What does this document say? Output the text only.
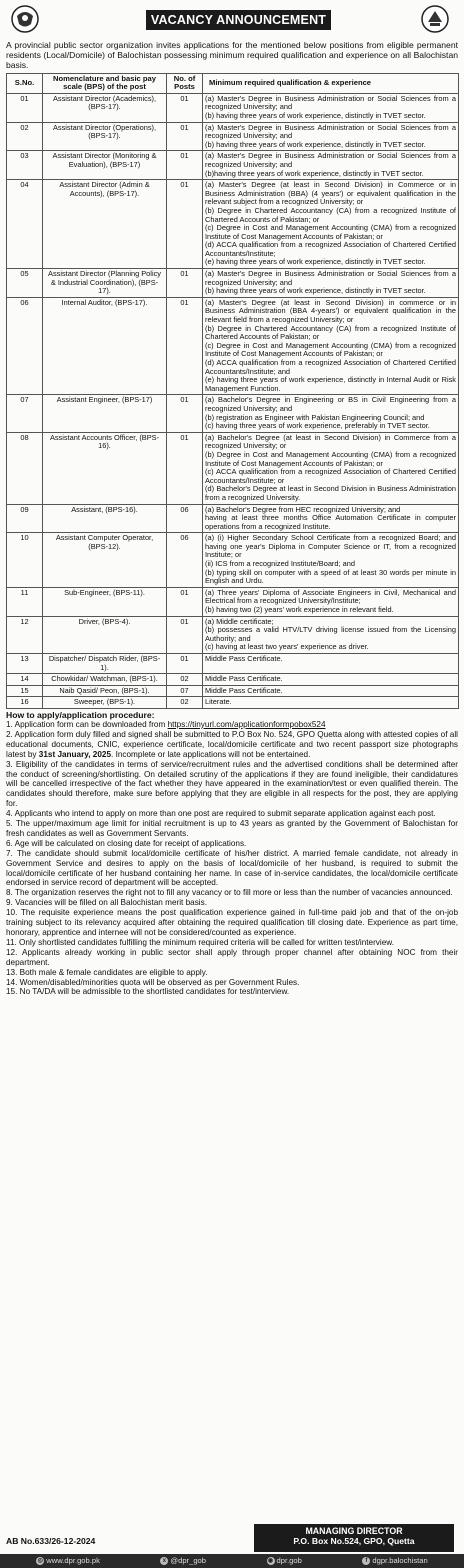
VACANCY ANNOUNCEMENT
A provincial public sector organization invites applications for the mentioned below positions from eligible permanent residents (Local/Domicile) of Balochistan possessing minimum required qualification and experience on all Balochistan basis.
S.No.	Nomenclature and basic pay scale (BPS) of the post	No. of Posts	Minimum required qualification & experience
01	Assistant Director (Academics), (BPS-17).	01	(a) Master's Degree in Business Administration or Social Sciences from a recognized University; and
(b) having three years of work experience, distinctly in TVET sector.

02	Assistant Director (Operations), (BPS-17).	01	(a) Master's Degree in Business Administration or Social Sciences from a recognized University; and
(b) having three years of work experience, distinctly in TVET sector.

03	Assistant Director (Monitoring & Evaluation), (BPS-17)	01	(a) Master's Degree in Business Administration or Social Sciences from a recognized University; and
(b)having three years of work experience, distinctly in TVET sector.

04	Assistant Director (Admin & Accounts), (BPS-17).	01	(a) Master's Degree (at least in Second Division) in Commerce or in Business Administration (BBA) (4 years') or equivalent qualification in the relevant subject from a recognized University; or
(b) Degree in Chartered Accountancy (CA) from a recognized Institute of Chartered Accounts of Pakistan; or
(c) Degree in Cost and Management Accounting (CMA) from a recognized Institute of Cost Management Accounts of Pakistan; or
(d) ACCA qualification from a recognized Association of Chartered Certified Accountants/Institute;
(e) having three years of work experience, distinctly in TVET sector.

05	Assistant Director (Planning Policy & Industrial Coordination), (BPS-17).	01	(a) Master's Degree in Business Administration or Social Sciences from a recognized University; and
(b) having three years of work experience, distinctly in TVET sector.

06	Internal Auditor, (BPS-17).	01	(a) Master's Degree (at least in Second Division) in commerce or in Business Administration (BBA 4-years') or equivalent qualification in the relevant field from a recognized University; or
(b) Degree in Chartered Accountancy (CA) from a recognized Institute of Chartered Accounts of Pakistan; or
(c) Degree in Cost and Management Accounting (CMA) from a recognized Institute of Cost Management Accounts of Pakistan; or
(d) ACCA qualification from a recognized Association of Chartered Certified Accountants/Institute; and
(e) having three years of work experience, distinctly in Internal Audit or Risk Management Function.

07	Assistant Engineer, (BPS-17)	01	(a) Bachelor's Degree in Engineering or BS in Civil Engineering from a recognized University; and
(b) registration as Engineer with Pakistan Engineering Council; and
(c) having three years of work experience, preferably in TVET sector.

08	Assistant Accounts Officer, (BPS-16).	01	(a) Bachelor's Degree (at least in Second Division) in Commerce from a recognized University; or
(b) Degree in Cost and Management Accounting (CMA) from a recognized Institute of Cost Management Accounts of Pakistan; or
(c) ACCA qualification from a recognized Association of Chartered Certified Accountants/Institute; or
(d) Bachelor's Degree at least in Second Division in Business Administration from a recognized University.

09	Assistant, (BPS-16).	06	(a) Bachelor's Degree from HEC recognized University; and
having at least three months Office Automation Certificate in computer operations from a recognized Institute.

10	Assistant Computer Operator, (BPS-12).	06	(a) (i) Higher Secondary School Certificate from a recognized Board; and having one year's Diploma in Computer Science or IT, from a recognized Institute; or
(ii) ICS from a recognized Institute/Board; and
(b) typing skill on computer with a speed of at least 30 words per minute in English and Urdu.

11	Sub-Engineer, (BPS-11).	01	(a) Three years' Diploma of Associate Engineers in Civil, Mechanical and Electrical from a recognized University/Institute;
(b) having two (2) years' work experience in relevant field.

12	Driver, (BPS-4).	01	(a) Middle certificate;
(b) possesses a valid HTV/LTV driving license issued from the Licensing Authority; and
(c) having at least two years' experience as driver.

13	Dispatcher/ Dispatch Rider, (BPS-1).	01	Middle Pass Certificate.

14	Chowkidar/ Watchman, (BPS-1).	02	Middle Pass Certificate.

15	Naib Qasid/ Peon, (BPS-1).	07	Middle Pass Certificate.

16	Sweeper, (BPS-1).	02	Literate.
How to apply/application procedure:
1. Application form can be downloaded from https://tinyurl.com/applicationformpobox524
2. Application form duly filled and signed shall be submitted to P.O Box No. 524, GPO Quetta along with attested copies of all educational documents, CNIC, experience certificate, local/domicile certificate and two recent passport size photographs latest by 31st January, 2025. Incomplete or late applications will not be entertained.
3. Eligibility of the candidates in terms of service/recruitment rules and the advertised conditions shall be determined after the conduct of screening/shortlisting. On detailed scrutiny of the applications if they are found ineligible, their candidatures will be cancelled irrespective of the fact whether they have appeared in the examination/test or even qualified therein. The candidates should therefore, make sure before applying that they are eligible in all respects for the post, they are applying for.
4. Applicants who intend to apply on more than one post are required to submit separate application against each post.
5. The upper/maximum age limit for initial recruitment is up to 43 years as granted by the Government of Balochistan for fresh candidates as well as Government Servants.
6. Age will be calculated on closing date for receipt of applications.
7. The candidate should submit local/domicile certificate of his/her district. A married female candidate, not already in Government Service and desires to apply on the basis of local/domicile of her husband, is required to submit the local/domicile certificate of her husband containing her name. In case of in-service candidates, the local/domicile certificate endorsed in service record of department will be accepted.
8. The organization reserves the right not to fill any vacancy or to fill more or less than the number of vacancies announced.
9. Vacancies will be filled on all Balochistan merit basis.
10. The requisite experience means the post qualification experience gained in full-time paid job and that of the on-job training subject to its relevancy acquired after obtaining the required qualification till closing date. Experience as part time, honorary, apprentice and internee will not be considered/counted as experience.
11. Only shortlisted candidates fulfilling the minimum required criteria will be called for written test/interview.
12. Applicants already working in public sector shall apply through proper channel after obtaining NOC from their department.
13. Both male & female candidates are eligible to apply.
14. Women/disabled/minorities quota will be observed as per Government Rules.
15. No TA/DA will be admissible to the shortlisted candidates for test/interview.
AB No.633/26-12-2024
MANAGING DIRECTOR
P.O. Box No.524, GPO, Quetta
◎ www.dpr.gob.pk	x @dpr_gob	◉ dpr.gob	f dgpr.balochistan
